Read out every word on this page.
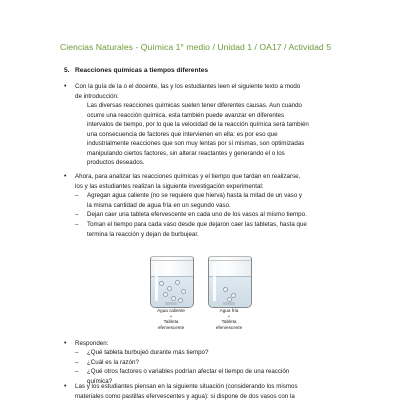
Ciencias Naturales - Química 1° medio / Unidad 1 / OA17 / Actividad 5
5. Reacciones químicas a tiempos diferentes
• Con la guía de la o el docente, las y los estudiantes leen el siguiente texto a modo
de introducción:
Las diversas reacciones químicas suelen tener diferentes causas. Aun cuando
ocurre una reacción química, esta también puede avanzar en diferentes
intervalos de tiempo, por lo que la velocidad de la reacción química será también
una consecuencia de factores que intervienen en ella: es por eso que
industrialmente reacciones que son muy lentas por sí mismas, son optimizadas
manipulando ciertos factores, sin alterar reactantes y generando el o los
productos deseados.
• Ahora, para analizar las reacciones químicas y el tiempo que tardan en realizarse,
los y las estudiantes realizan la siguiente investigación experimental:
– Agregan agua caliente (no se requiere que hierva) hasta la mitad de un vaso y
la misma cantidad de agua fría en un segundo vaso.
– Dejan caer una tableta efervescente en cada uno de los vasos al mismo tiempo.
– Toman el tiempo para cada vaso desde que dejaron caer las tabletas, hasta que
termina la reacción y dejan de burbujear.
Agua caliente
+
Tableta
efervescente
Agua fría
+
Tableta
efervescente
• Responden:
– ¿Qué tableta burbujeó durante más tiempo?
– ¿Cuál es la razón?
– ¿Qué otros factores o variables podrían afectar el tiempo de una reacción
química?
• Las y los estudiantes piensan en la siguiente situación (considerando los mismos
materiales como pastillas efervescentes y agua): si dispone de dos vasos con la
